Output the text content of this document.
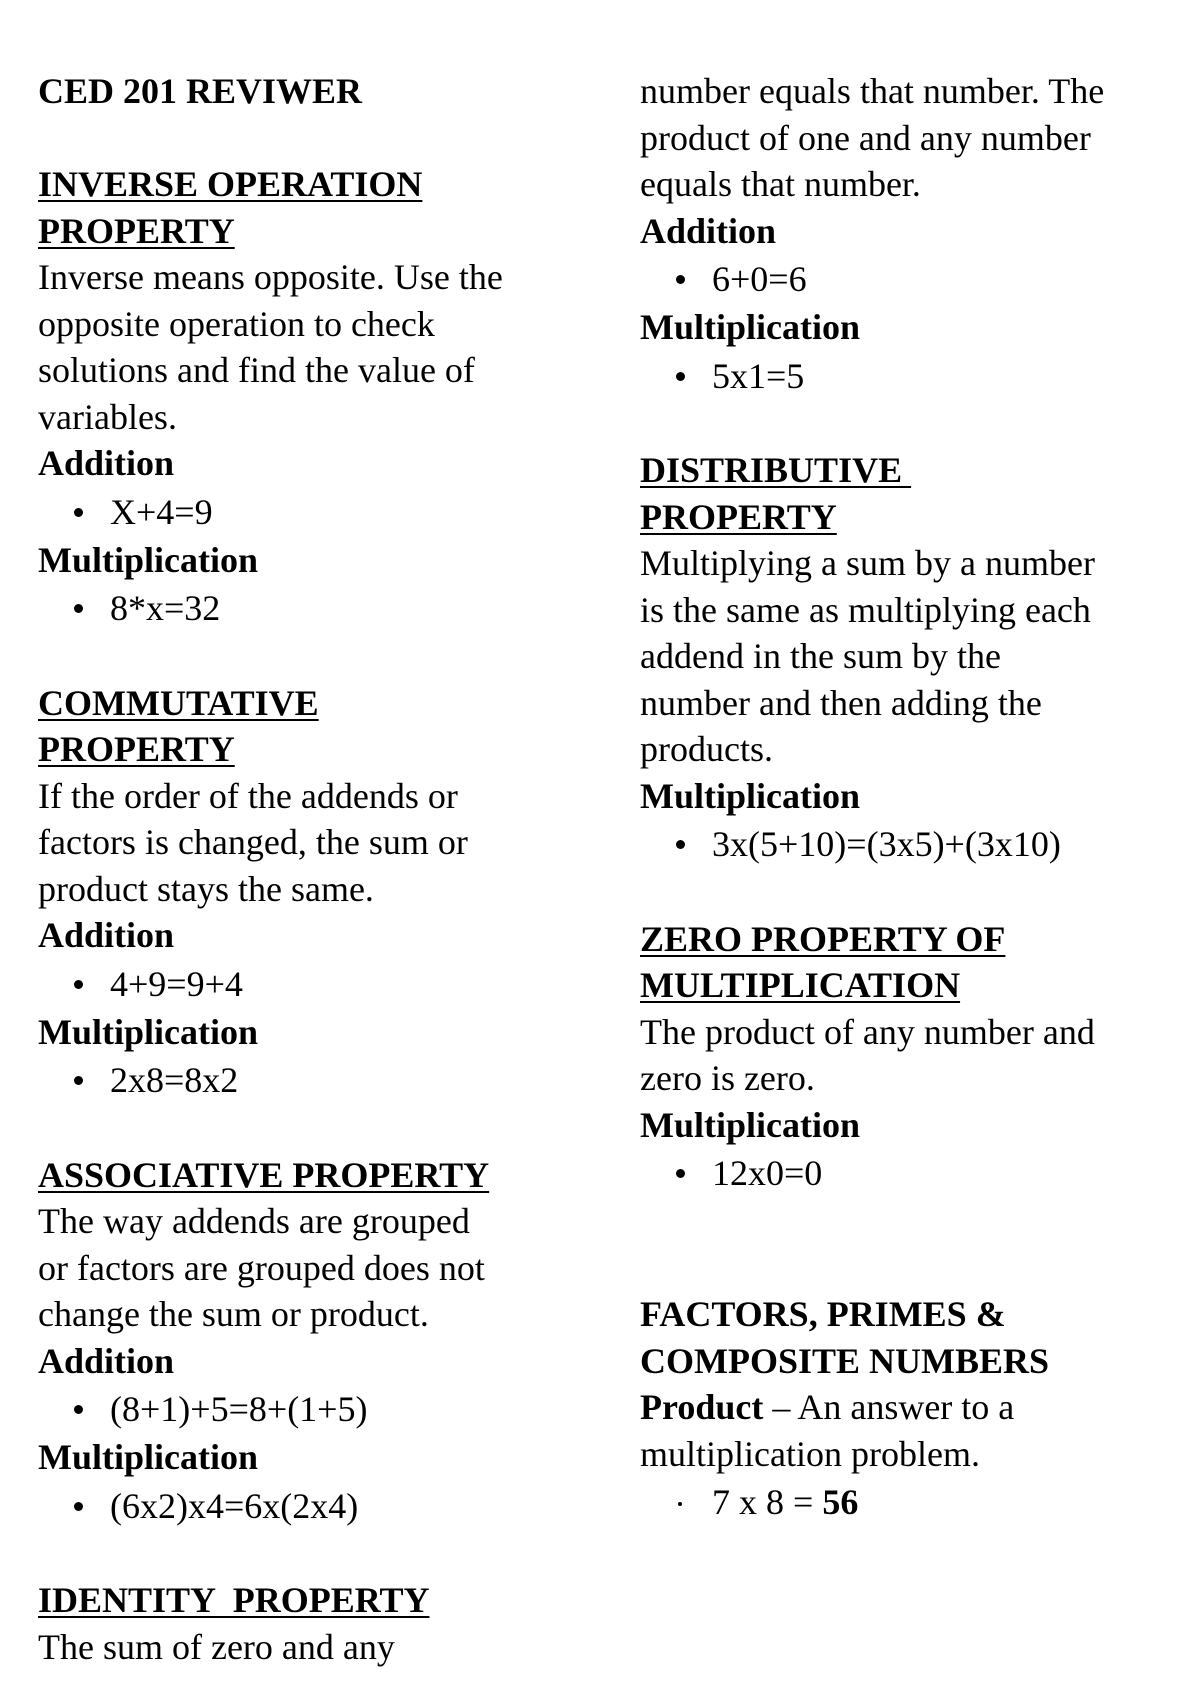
CED 201 REVIWER

INVERSE OPERATION

PROPERTY

Inverse means opposite. Use the

opposite operation to check

solutions and find the value of

variables.

Addition

X+4=9

Multiplication

8*x=32

COMMUTATIVE

PROPERTY

If the order of the addends or

factors is changed, the sum or

product stays the same.

Addition

4+9=9+4

Multiplication

2x8=8x2

ASSOCIATIVE PROPERTY

The way addends are grouped

or factors are grouped does not

change the sum or product.

Addition

(8+1)+5=8+(1+5)

Multiplication

(6x2)x4=6x(2x4)

IDENTITY  PROPERTY

The sum of zero and any

number equals that number. The

product of one and any number

equals that number.

Addition

6+0=6

Multiplication

5x1=5

DISTRIBUTIVE

PROPERTY

Multiplying a sum by a number

is the same as multiplying each

addend in the sum by the

number and then adding the

products.

Multiplication

3x(5+10)=(3x5)+(3x10)

ZERO PROPERTY OF

MULTIPLICATION

The product of any number and

zero is zero.

Multiplication

12x0=0

FACTORS, PRIMES &

COMPOSITE NUMBERS

Product – An answer to a

multiplication problem.

7 x 8 = 56
